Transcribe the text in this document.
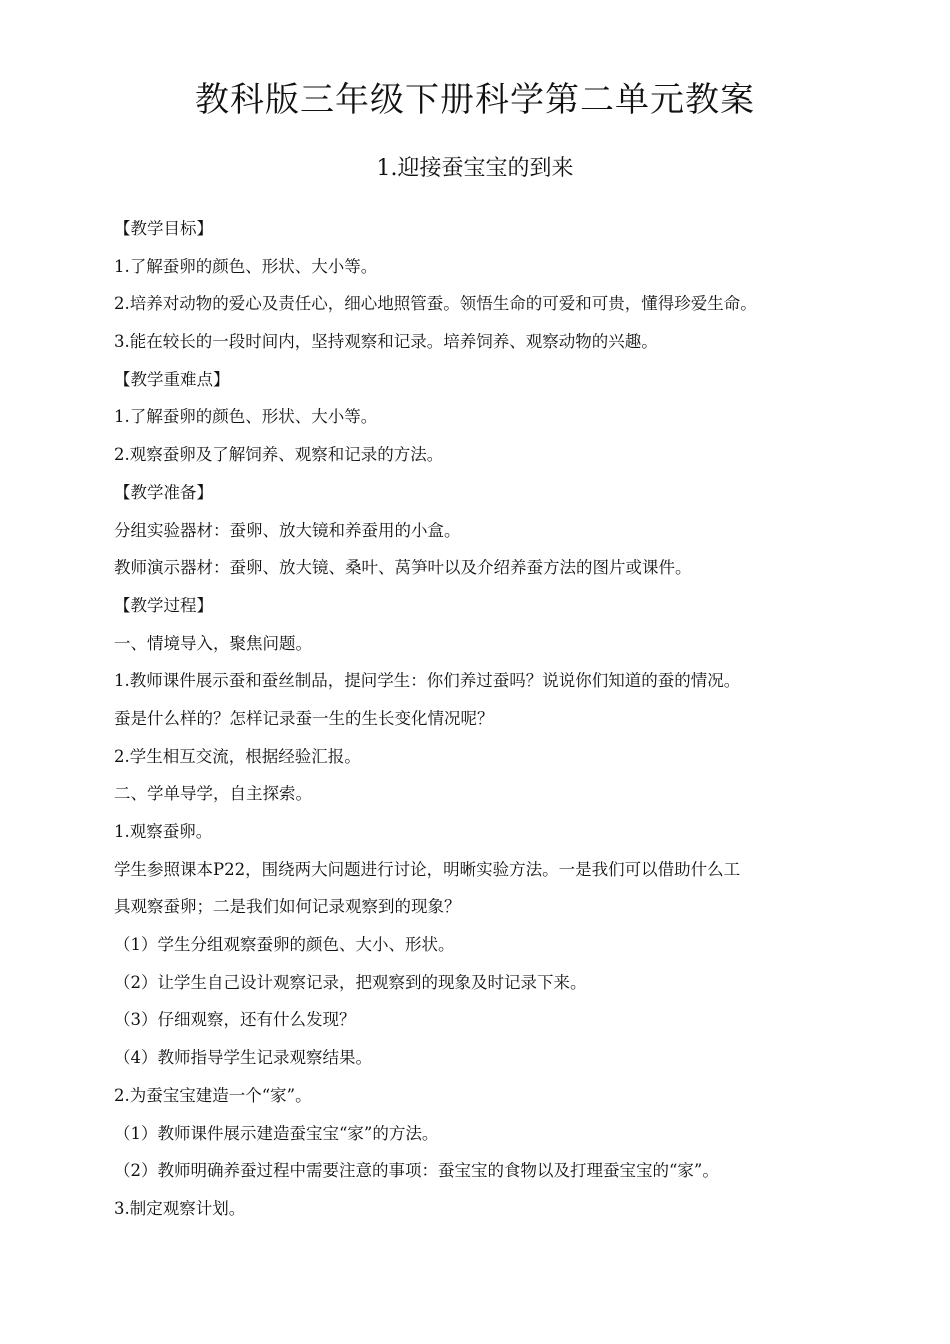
教科版三年级下册科学第二单元教案
1.迎接蚕宝宝的到来
【教学目标】
1.了解蚕卵的颜色、形状、大小等。
2.培养对动物的爱心及责任心，细心地照管蚕。领悟生命的可爱和可贵，懂得珍爱生命。
3.能在较长的一段时间内，坚持观察和记录。培养饲养、观察动物的兴趣。
【教学重难点】
1.了解蚕卵的颜色、形状、大小等。
2.观察蚕卵及了解饲养、观察和记录的方法。
【教学准备】
分组实验器材：蚕卵、放大镜和养蚕用的小盒。
教师演示器材：蚕卵、放大镜、桑叶、莴笋叶以及介绍养蚕方法的图片或课件。
【教学过程】
一、情境导入，聚焦问题。
1.教师课件展示蚕和蚕丝制品，提问学生：你们养过蚕吗？说说你们知道的蚕的情况。
蚕是什么样的？怎样记录蚕一生的生长变化情况呢？
2.学生相互交流，根据经验汇报。
二、学单导学，自主探索。
1.观察蚕卵。
学生参照课本P22，围绕两大问题进行讨论，明晰实验方法。一是我们可以借助什么工
具观察蚕卵；二是我们如何记录观察到的现象？
（1）学生分组观察蚕卵的颜色、大小、形状。
（2）让学生自己设计观察记录，把观察到的现象及时记录下来。
（3）仔细观察，还有什么发现？
（4）教师指导学生记录观察结果。
2.为蚕宝宝建造一个“家”。
（1）教师课件展示建造蚕宝宝“家”的方法。
（2）教师明确养蚕过程中需要注意的事项：蚕宝宝的食物以及打理蚕宝宝的“家”。
3.制定观察计划。
